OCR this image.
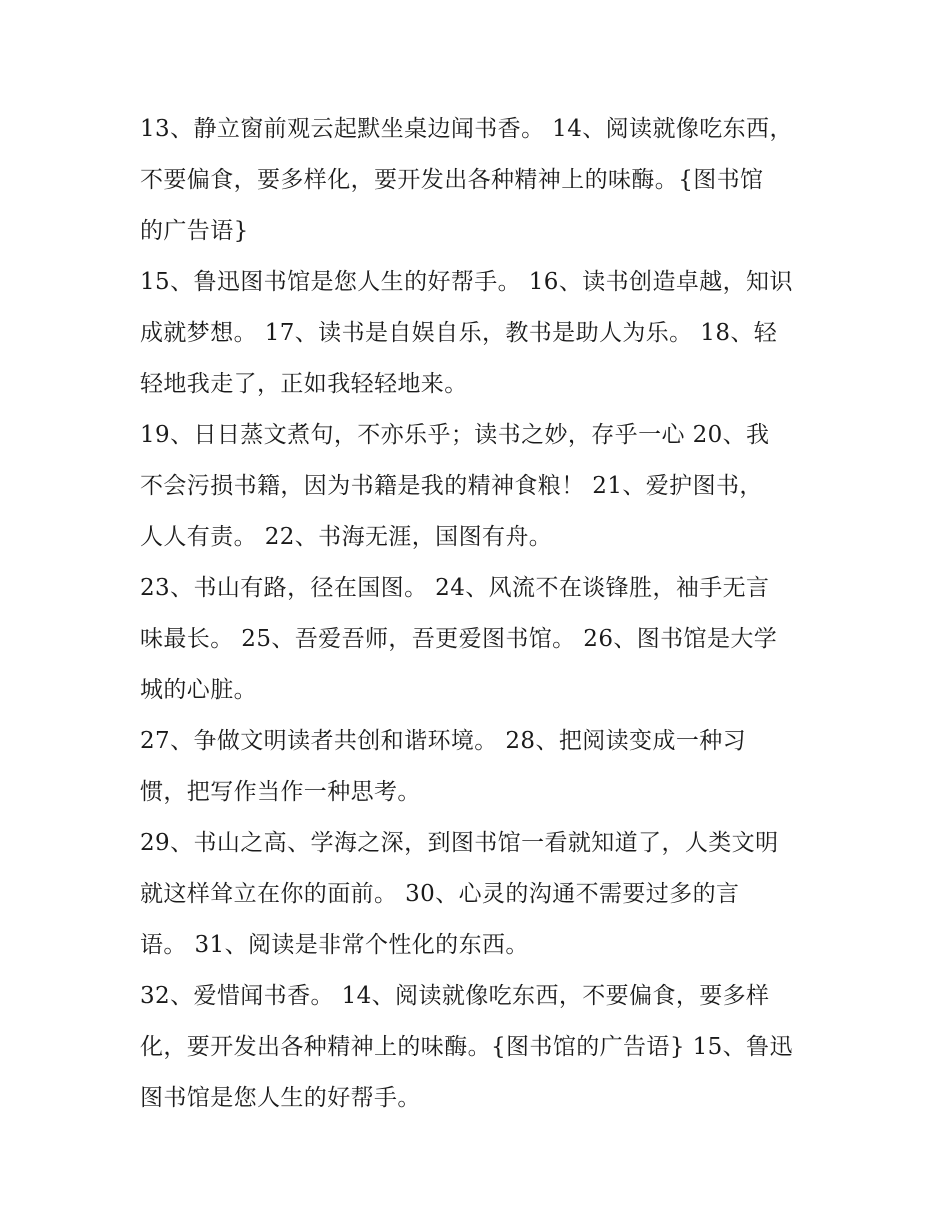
13、静立窗前观云起默坐桌边闻书香。 14、阅读就像吃东西，
不要偏食，要多样化，要开发出各种精神上的味酶。{图书馆
的广告语}
15、鲁迅图书馆是您人生的好帮手。 16、读书创造卓越，知识
成就梦想。 17、读书是自娱自乐，教书是助人为乐。 18、轻
轻地我走了，正如我轻轻地来。
19、日日蒸文煮句，不亦乐乎；读书之妙，存乎一心 20、我
不会污损书籍，因为书籍是我的精神食粮！ 21、爱护图书，
人人有责。 22、书海无涯，国图有舟。
23、书山有路，径在国图。 24、风流不在谈锋胜，袖手无言
味最长。 25、吾爱吾师，吾更爱图书馆。 26、图书馆是大学
城的心脏。
27、争做文明读者共创和谐环境。 28、把阅读变成一种习
惯，把写作当作一种思考。
29、书山之高、学海之深，到图书馆一看就知道了，人类文明
就这样耸立在你的面前。 30、心灵的沟通不需要过多的言
语。 31、阅读是非常个性化的东西。
32、爱惜闻书香。 14、阅读就像吃东西，不要偏食，要多样
化，要开发出各种精神上的味酶。{图书馆的广告语} 15、鲁迅
图书馆是您人生的好帮手。
